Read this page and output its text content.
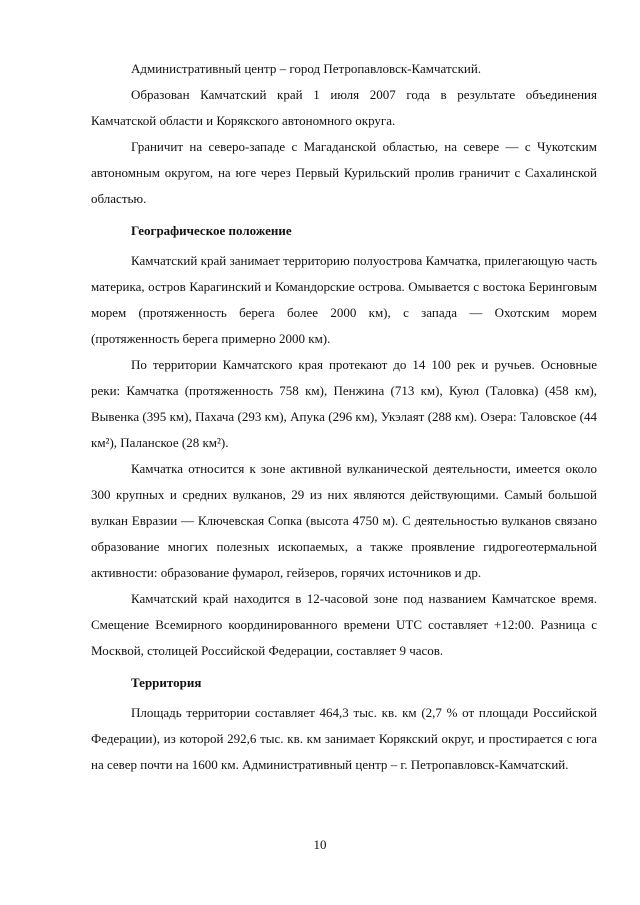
Административный центр – город Петропавловск-Камчатский.

Образован Камчатский край 1 июля 2007 года в результате объединения Камчатской области и Корякского автономного округа.

Граничит на северо-западе с Магаданской областью, на севере — с Чукотским автономным округом, на юге через Первый Курильский пролив граничит с Сахалинской областью.

Географическое положение

Камчатский край занимает территорию полуострова Камчатка, прилегающую часть материка, остров Карагинский и Командорские острова. Омывается с востока Беринговым морем (протяженность берега более 2000 км), с запада — Охотским морем (протяженность берега примерно 2000 км).

По территории Камчатского края протекают до 14 100 рек и ручьев. Основные реки: Камчатка (протяженность 758 км), Пенжина (713 км), Куюл (Таловка) (458 км), Вывенка (395 км), Пахача (293 км), Апука (296 км), Укэлаят (288 км). Озера: Таловское (44 км²), Паланское (28 км²).

Камчатка относится к зоне активной вулканической деятельности, имеется около 300 крупных и средних вулканов, 29 из них являются действующими. Самый большой вулкан Евразии — Ключевская Сопка (высота 4750 м). С деятельностью вулканов связано образование многих полезных ископаемых, а также проявление гидрогеотермальной активности: образование фумарол, гейзеров, горячих источников и др.

Камчатский край находится в 12-часовой зоне под названием Камчатское время. Смещение Всемирного координированного времени UTC составляет +12:00. Разница с Москвой, столицей Российской Федерации, составляет 9 часов.

Территория

Площадь территории составляет 464,3 тыс. кв. км (2,7 % от площади Российской Федерации), из которой 292,6 тыс. кв. км занимает Корякский округ, и простирается с юга на север почти на 1600 км. Административный центр – г. Петропавловск-Камчатский.

10
